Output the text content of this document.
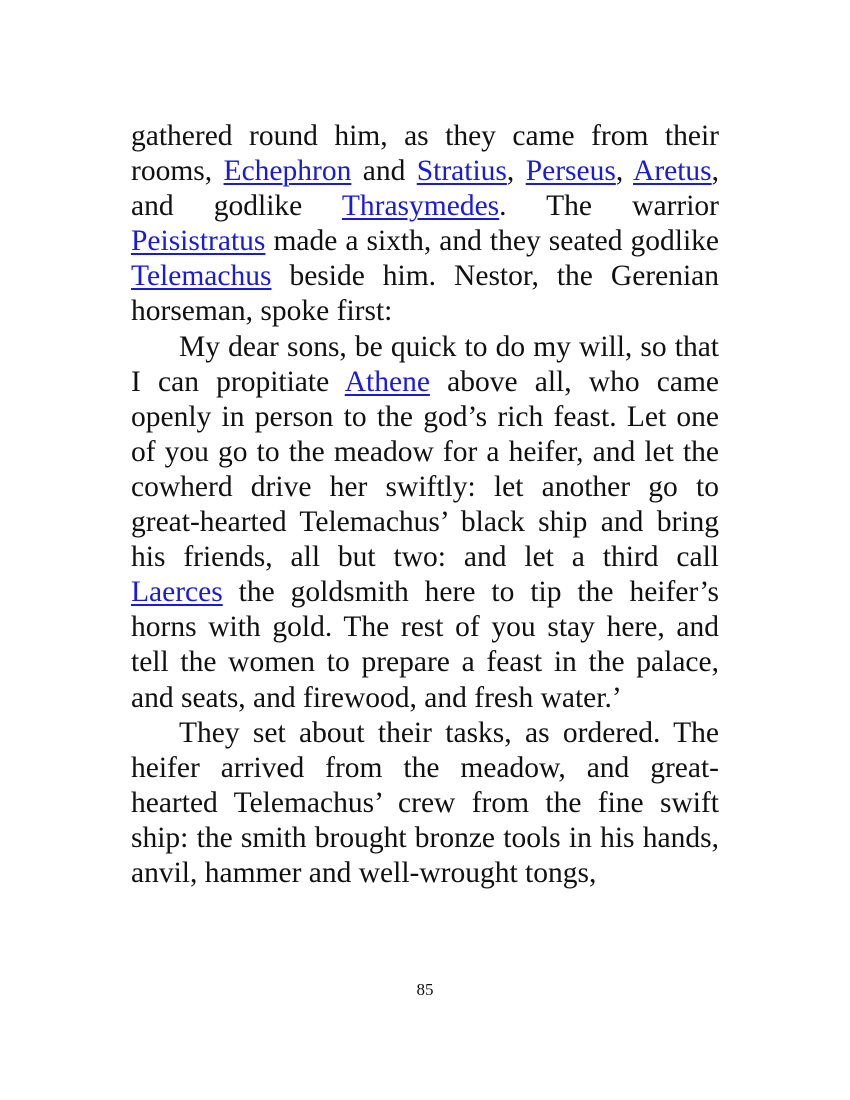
gathered round him, as they came from their rooms, Echephron and Stratius, Perseus, Aretus, and godlike Thrasymedes. The warrior Peisistratus made a sixth, and they seated godlike Telemachus beside him. Nestor, the Gerenian horseman, spoke first:

My dear sons, be quick to do my will, so that I can propitiate Athene above all, who came openly in person to the god’s rich feast. Let one of you go to the meadow for a heifer, and let the cowherd drive her swiftly: let another go to great-hearted Telemachus’ black ship and bring his friends, all but two: and let a third call Laerces the goldsmith here to tip the heifer’s horns with gold. The rest of you stay here, and tell the women to prepare a feast in the palace, and seats, and firewood, and fresh water.’

They set about their tasks, as ordered. The heifer arrived from the meadow, and great-hearted Telemachus’ crew from the fine swift ship: the smith brought bronze tools in his hands, anvil, hammer and well-wrought tongs,

85
